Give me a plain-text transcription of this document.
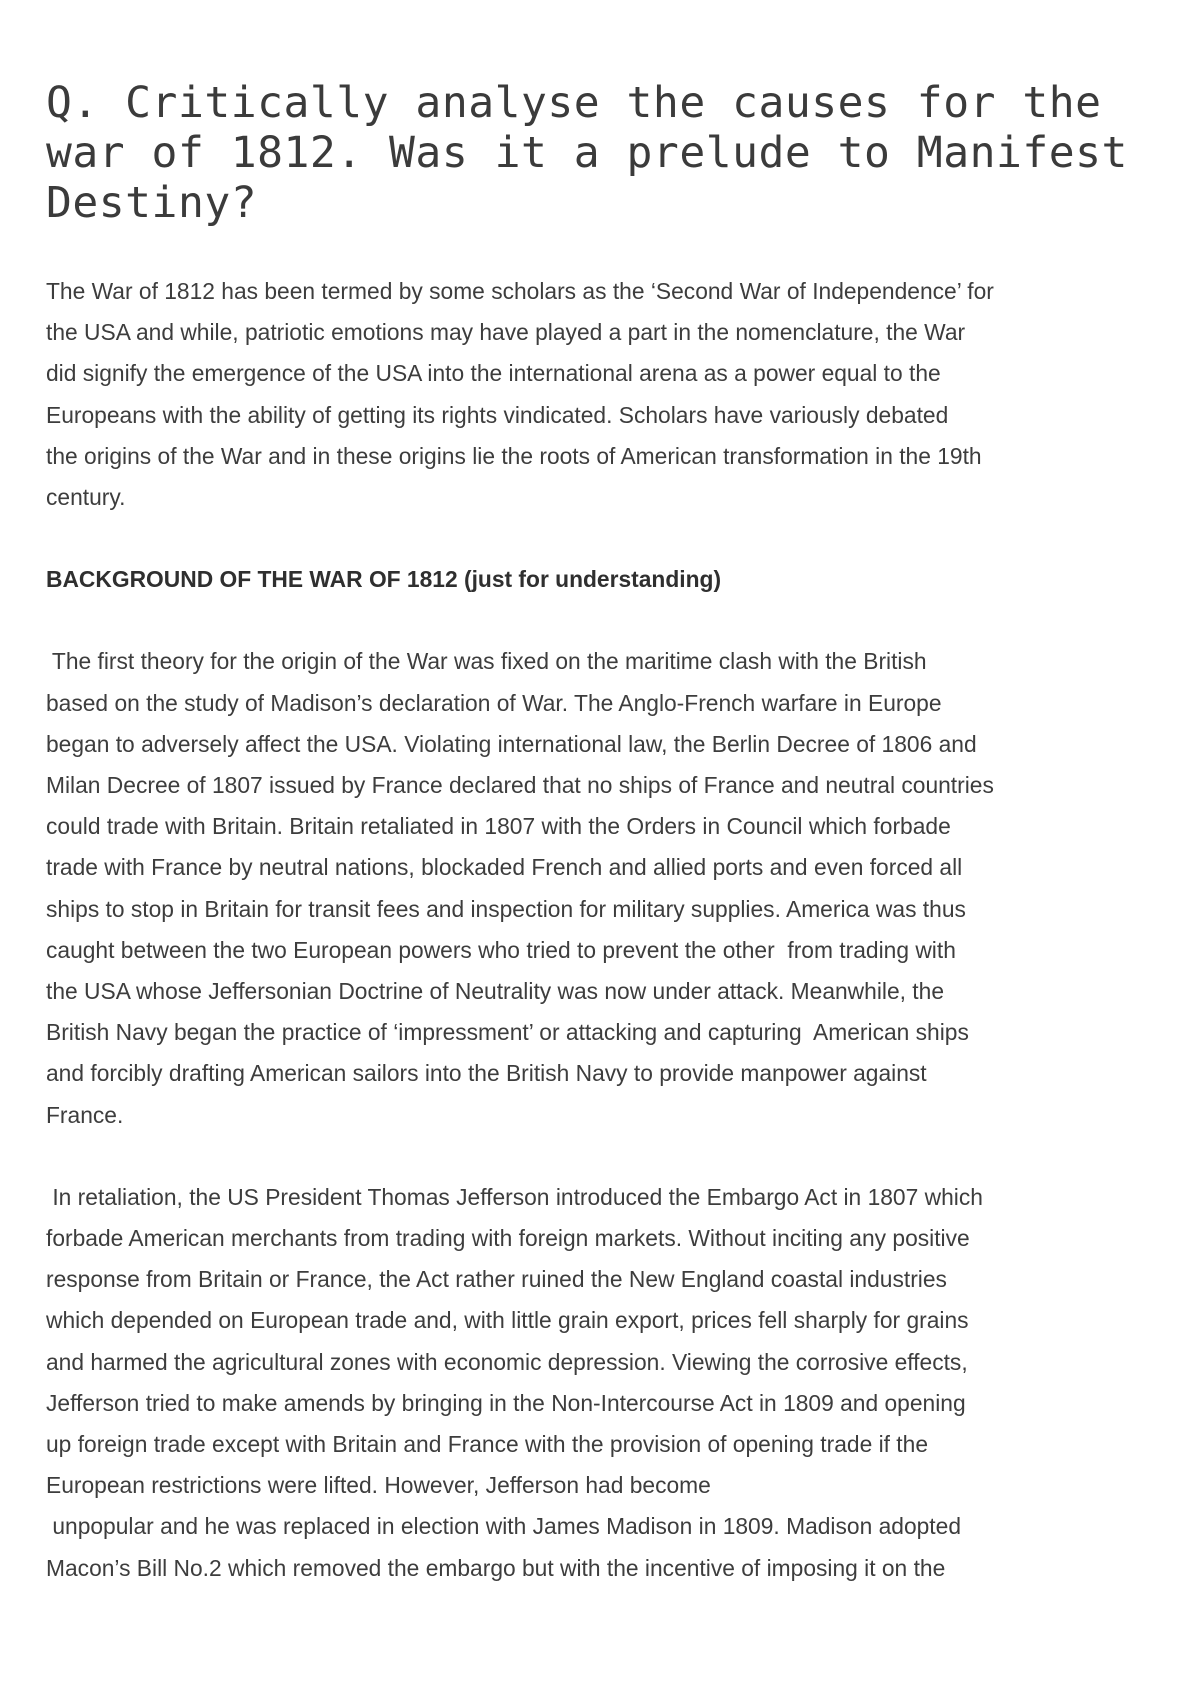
Q. Critically analyse the causes for the
war of 1812. Was it a prelude to Manifest
Destiny?

The War of 1812 has been termed by some scholars as the ‘Second War of Independence’ for
the USA and while, patriotic emotions may have played a part in the nomenclature, the War
did signify the emergence of the USA into the international arena as a power equal to the
Europeans with the ability of getting its rights vindicated. Scholars have variously debated
the origins of the War and in these origins lie the roots of American transformation in the 19th
century.

BACKGROUND OF THE WAR OF 1812 (just for understanding)

The first theory for the origin of the War was fixed on the maritime clash with the British
based on the study of Madison’s declaration of War. The Anglo-French warfare in Europe
began to adversely affect the USA. Violating international law, the Berlin Decree of 1806 and
Milan Decree of 1807 issued by France declared that no ships of France and neutral countries
could trade with Britain. Britain retaliated in 1807 with the Orders in Council which forbade
trade with France by neutral nations, blockaded French and allied ports and even forced all
ships to stop in Britain for transit fees and inspection for military supplies. America was thus
caught between the two European powers who tried to prevent the other  from trading with
the USA whose Jeffersonian Doctrine of Neutrality was now under attack. Meanwhile, the
British Navy began the practice of ‘impressment’ or attacking and capturing  American ships
and forcibly drafting American sailors into the British Navy to provide manpower against
France.

In retaliation, the US President Thomas Jefferson introduced the Embargo Act in 1807 which
forbade American merchants from trading with foreign markets. Without inciting any positive
response from Britain or France, the Act rather ruined the New England coastal industries
which depended on European trade and, with little grain export, prices fell sharply for grains
and harmed the agricultural zones with economic depression. Viewing the corrosive effects,
Jefferson tried to make amends by bringing in the Non-Intercourse Act in 1809 and opening
up foreign trade except with Britain and France with the provision of opening trade if the
European restrictions were lifted. However, Jefferson had become
unpopular and he was replaced in election with James Madison in 1809. Madison adopted
Macon’s Bill No.2 which removed the embargo but with the incentive of imposing it on the
